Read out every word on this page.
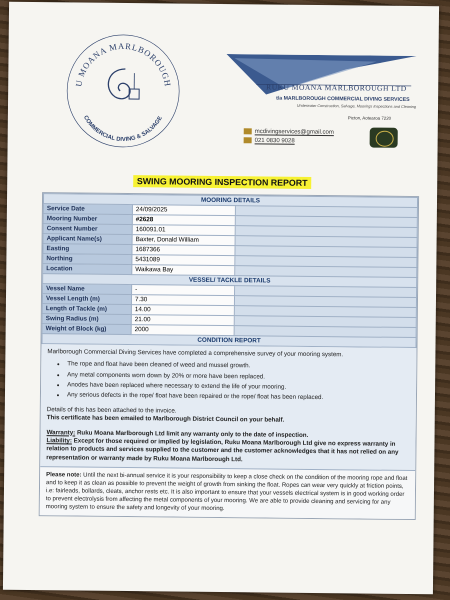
RUKU MOANA MARLBOROUGH
COMMERCIAL DIVING & SALVAGE
RUKU MOANA MARLBOROUGH LTD
t/a MARLBOROUGH COMMERCIAL DIVING SERVICES
Underwater Construction, Salvage, Moorings Inspections and Cleaning
Picton, Aotearoa 7220
mcdivingservices@gmail.com
021 0830 9028
SWING MOORING INSPECTION REPORT
MOORING DETAILS		
Service Date	24/09/2025	
Mooring Number	#2628	
Consent Number	160091.01	
Applicant Name(s)	Baxter, Donald William	
Easting	1687366	
Northing	5431089	
Location	Waikawa Bay	
VESSEL/ TACKLE DETAILS		
Vessel Name	-	
Vessel Length (m)	7.30	
Length of Tackle (m)	14.00	
Swing Radius (m)	21.00	
Weight of Block (kg)	2000	
CONDITION REPORT		

Marlborough Commercial Diving Services have completed a comprehensive survey of your mooring system.

• The rope and float have been cleaned of weed and mussel growth.
• Any metal components worn down by 20% or more have been replaced.
• Anodes have been replaced where necessary to extend the life of your mooring.
• Any serious defects in the rope/ float have been repaired or the rope/ float has been replaced.

Details of this has been attached to the invoice.

This certificate has been emailed to Marlborough District Council on your behalf.

Warranty: Ruku Moana Marlborough Ltd limit any warranty only to the date of inspection.

Liability: Except for those required or implied by legislation, Ruku Moana Marlborough Ltd give no express warranty in relation to products and services supplied to the customer and the customer acknowledges that it has not relied on any representation or warranty made by Ruku Moana Marlborough Ltd.

Please note: Until the next bi-annual service it is your responsibility to keep a close check on the condition of the mooring rope and float and to keep it as clean as possible to prevent the weight of growth from sinking the float. Ropes can wear very quickly at friction points, i.e: fairleads, bollards, cleats, anchor rests etc. It is also important to ensure that your vessels electrical system is in good working order to prevent electrolysis from affecting the metal components of your mooring. We are able to provide cleaning and servicing for any mooring system to ensure the safety and longevity of your mooring.
